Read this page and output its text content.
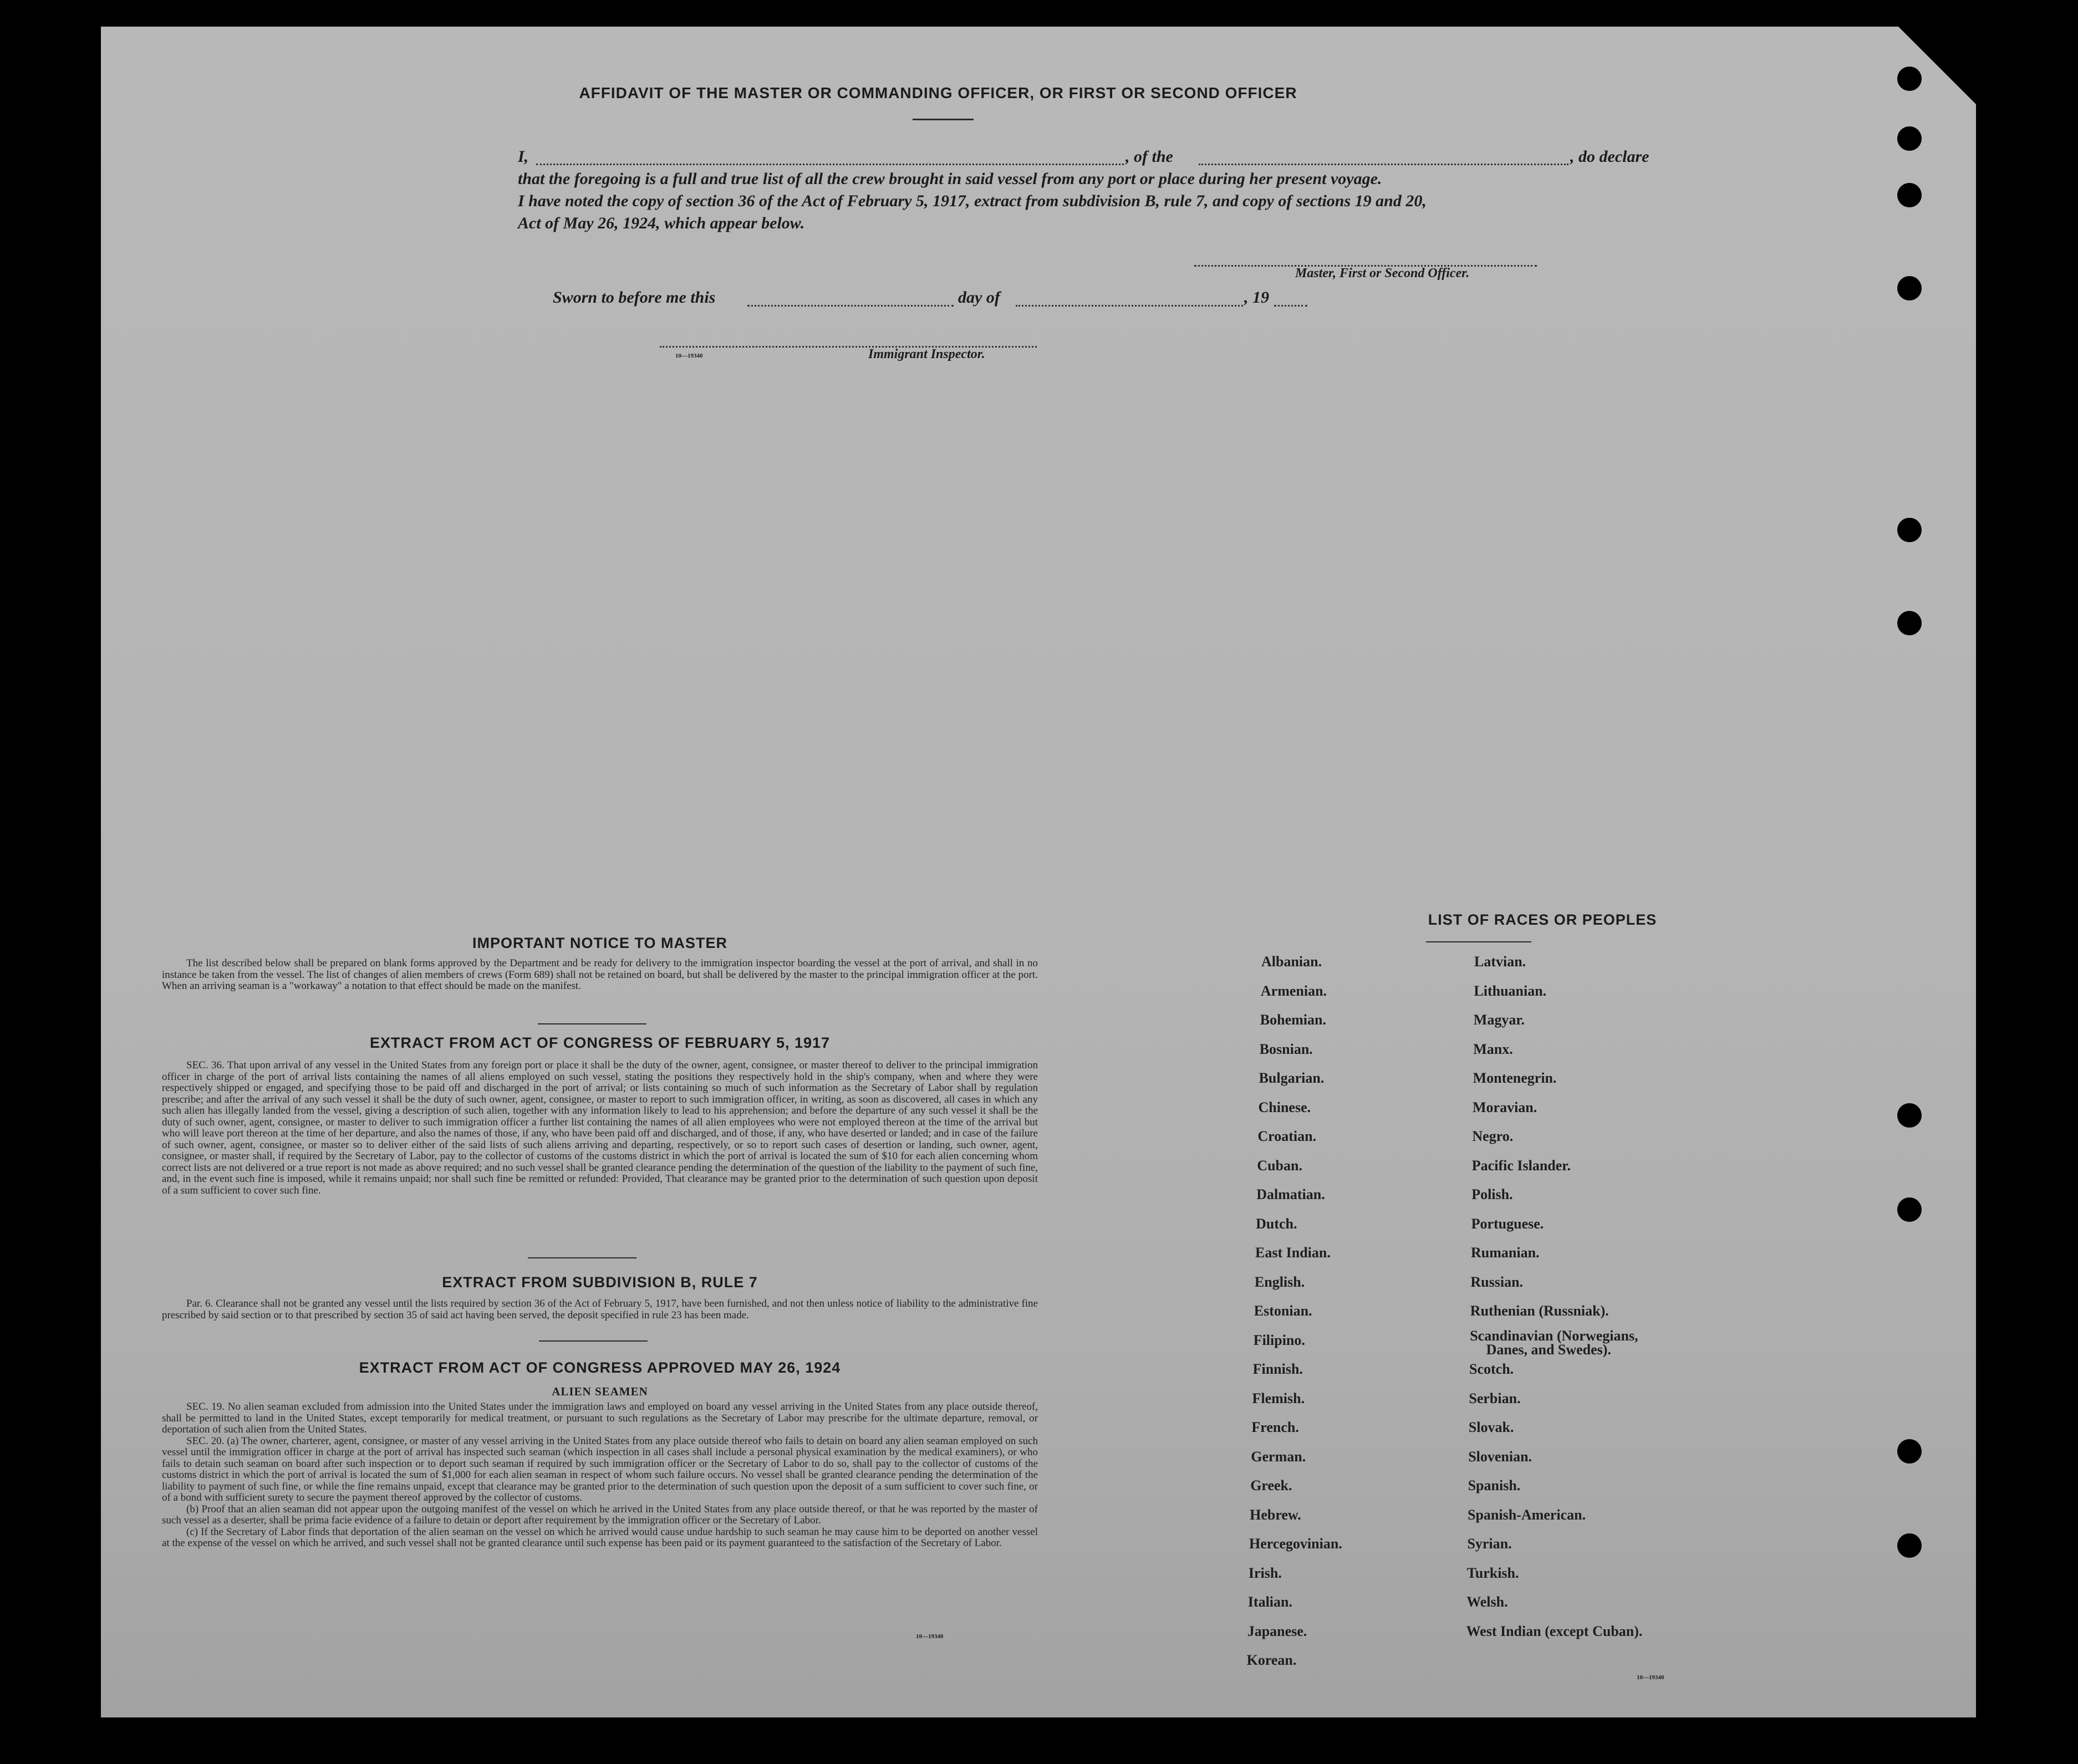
AFFIDAVIT OF THE MASTER OR COMMANDING OFFICER, OR FIRST OR SECOND OFFICER
I,	, of the	, do declare
that the foregoing is a full and true list of all the crew brought in said vessel from any port or place during her present voyage.
I have noted the copy of section 36 of the Act of February 5, 1917, extract from subdivision B, rule 7, and copy of sections 19 and 20,
Act of May 26, 1924, which appear below.
Master, First or Second Officer.
Sworn to before me this	day of	, 19
10—19340	Immigrant Inspector.
IMPORTANT NOTICE TO MASTER

The list described below shall be prepared on blank forms approved by the Department and be ready for delivery to the immigration inspector boarding the vessel at the port of arrival, and shall in no instance be taken from the vessel. The list of changes of alien members of crews (Form 689) shall not be retained on board, but shall be delivered by the master to the principal immigration officer at the port. When an arriving seaman is a "workaway" a notation to that effect should be made on the manifest.

EXTRACT FROM ACT OF CONGRESS OF FEBRUARY 5, 1917

SEC. 36. That upon arrival of any vessel in the United States from any foreign port or place it shall be the duty of the owner, agent, consignee, or master thereof to deliver to the principal immigration officer in charge of the port of arrival lists containing the names of all aliens employed on such vessel, stating the positions they respectively hold in the ship's company, when and where they were respectively shipped or engaged, and specifying those to be paid off and discharged in the port of arrival; or lists containing so much of such information as the Secretary of Labor shall by regulation prescribe; and after the arrival of any such vessel it shall be the duty of such owner, agent, consignee, or master to report to such immigration officer, in writing, as soon as discovered, all cases in which any such alien has illegally landed from the vessel, giving a description of such alien, together with any information likely to lead to his apprehension; and before the departure of any such vessel it shall be the duty of such owner, agent, consignee, or master to deliver to such immigration officer a further list containing the names of all alien employees who were not employed thereon at the time of the arrival but who will leave port thereon at the time of her departure, and also the names of those, if any, who have been paid off and discharged, and of those, if any, who have deserted or landed; and in case of the failure of such owner, agent, consignee, or master so to deliver either of the said lists of such aliens arriving and departing, respectively, or so to report such cases of desertion or landing, such owner, agent, consignee, or master shall, if required by the Secretary of Labor, pay to the collector of customs of the customs district in which the port of arrival is located the sum of $10 for each alien concerning whom correct lists are not delivered or a true report is not made as above required; and no such vessel shall be granted clearance pending the determination of the question of the liability to the payment of such fine, and, in the event such fine is imposed, while it remains unpaid; nor shall such fine be remitted or refunded: Provided, That clearance may be granted prior to the determination of such question upon deposit of a sum sufficient to cover such fine.

EXTRACT FROM SUBDIVISION B, RULE 7

Par. 6. Clearance shall not be granted any vessel until the lists required by section 36 of the Act of February 5, 1917, have been furnished, and not then unless notice of liability to the administrative fine prescribed by said section or to that prescribed by section 35 of said act having been served, the deposit specified in rule 23 has been made.

EXTRACT FROM ACT OF CONGRESS APPROVED MAY 26, 1924
ALIEN SEAMEN

SEC. 19. No alien seaman excluded from admission into the United States under the immigration laws and employed on board any vessel arriving in the United States from any place outside thereof, shall be permitted to land in the United States, except temporarily for medical treatment, or pursuant to such regulations as the Secretary of Labor may prescribe for the ultimate departure, removal, or deportation of such alien from the United States.

SEC. 20. (a) The owner, charterer, agent, consignee, or master of any vessel arriving in the United States from any place outside thereof who fails to detain on board any alien seaman employed on such vessel until the immigration officer in charge at the port of arrival has inspected such seaman (which inspection in all cases shall include a personal physical examination by the medical examiners), or who fails to detain such seaman on board after such inspection or to deport such seaman if required by such immigration officer or the Secretary of Labor to do so, shall pay to the collector of customs of the customs district in which the port of arrival is located the sum of $1,000 for each alien seaman in respect of whom such failure occurs. No vessel shall be granted clearance pending the determination of the liability to payment of such fine, or while the fine remains unpaid, except that clearance may be granted prior to the determination of such question upon the deposit of a sum sufficient to cover such fine, or of a bond with sufficient surety to secure the payment thereof approved by the collector of customs.

(b) Proof that an alien seaman did not appear upon the outgoing manifest of the vessel on which he arrived in the United States from any place outside thereof, or that he was reported by the master of such vessel as a deserter, shall be prima facie evidence of a failure to detain or deport after requirement by the immigration officer or the Secretary of Labor.

(c) If the Secretary of Labor finds that deportation of the alien seaman on the vessel on which he arrived would cause undue hardship to such seaman he may cause him to be deported on another vessel at the expense of the vessel on which he arrived, and such vessel shall not be granted clearance until such expense has been paid or its payment guaranteed to the satisfaction of the Secretary of Labor.

10—19340
LIST OF RACES OR PEOPLES
Albanian.
Armenian.
Bohemian.
Bosnian.
Bulgarian.
Chinese.
Croatian.
Cuban.
Dalmatian.
Dutch.
East Indian.
English.
Estonian.
Filipino.
Finnish.
Flemish.
French.
German.
Greek.
Hebrew.
Hercegovinian.
Irish.
Italian.
Japanese.
Korean.
Latvian.
Lithuanian.
Magyar.
Manx.
Montenegrin.
Moravian.
Negro.
Pacific Islander.
Polish.
Portuguese.
Rumanian.
Russian.
Ruthenian (Russniak).
Scandinavian (Norwegians,
Danes, and Swedes).
Scotch.
Serbian.
Slovak.
Slovenian.
Spanish.
Spanish-American.
Syrian.
Turkish.
Welsh.
West Indian (except Cuban).
10—19340
